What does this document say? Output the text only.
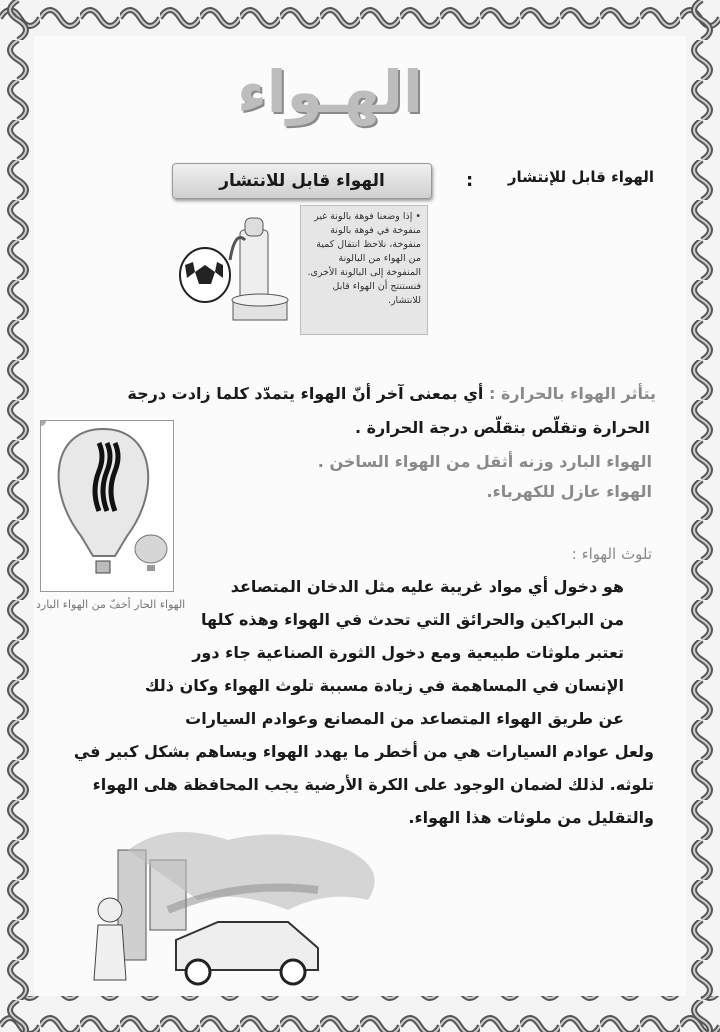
الهـواء
الهواء قابل للإنتشار
:
الهواء قابل للانتشار
• إذا وضعنا فوهة بالونة غير منفوخة في فوهة بالونة منفوخة، نلاحظ انتقال كمية من الهواء من البالونة المنفوخة إلى البالونة الأخرى. فنستنتج أن الهواء قابل للانتشار.
يتأثر الهواء بالحرارة : أي بمعنى آخر أنّ الهواء يتمدّد كلما زادت درجة
الحرارة وتقلّص بتقلّص درجة الحرارة .
الهواء البارد وزنه أثقل من الهواء الساخن .
الهواء عازل للكهرباء.
الهواء الحار أخفّ من الهواء البارد
تلوث الهواء :
هو دخول أي مواد غريبة عليه مثل الدخان المتصاعد
من البراكين والحرائق التي تحدث في الهواء وهذه كلها
تعتبر ملوثات طبيعية ومع دخول الثورة الصناعية جاء دور
الإنسان في المساهمة في زيادة مسببة تلوث الهواء وكان ذلك
عن طريق الهواء المتصاعد من المصانع وعوادم السيارات
ولعل عوادم السيارات هي من أخطر ما يهدد الهواء ويساهم بشكل كبير في
تلوثه. لذلك لضمان الوجود على الكرة الأرضية يجب المحافظة هلى الهواء
والتقليل من ملوثات هذا الهواء.
